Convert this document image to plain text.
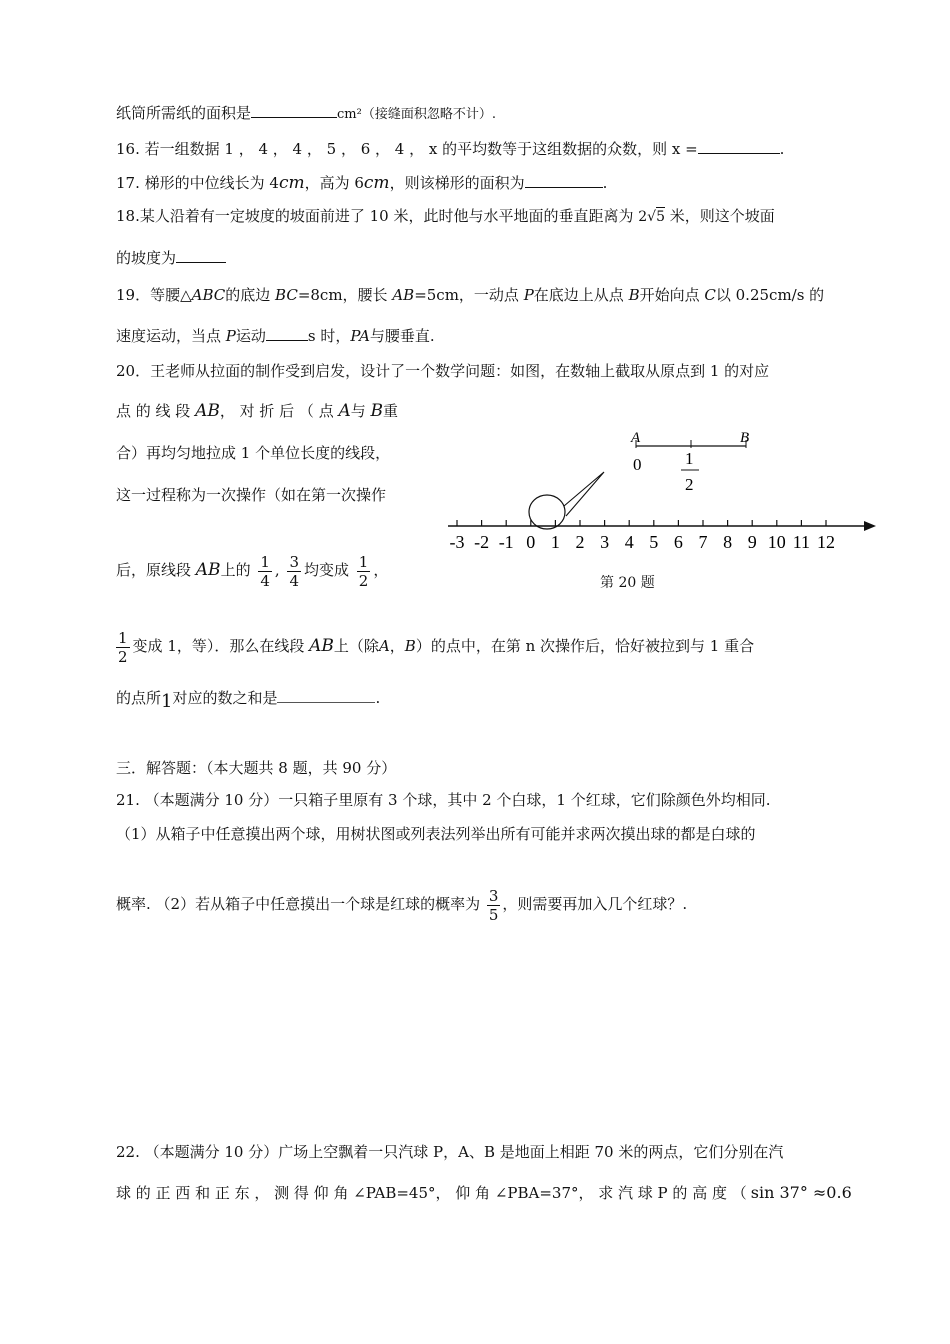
纸筒所需纸的面积是	cm²（接缝面积忽略不计）.
16. 若一组数据 1 ， 4 ， 4 ， 5 ， 6 ， 4 ， x 的平均数等于这组数据的众数，则 x =	.
17. 梯形的中位线长为 4cm，高为 6cm，则该梯形的面积为	.
18.某人沿着有一定坡度的坡面前进了 10 米，此时他与水平地面的垂直距离为 2√5 米，则这个坡面
的坡度为
19．等腰△ABC的底边 BC=8cm，腰长 AB=5cm，一动点 P在底边上从点 B开始向点 C以 0.25cm/s 的
速度运动，当点 P运动	s 时，PA与腰垂直.
20．王老师从拉面的制作受到启发，设计了一个数学问题：如图，在数轴上截取从原点到 1 的对应
点 的 线 段 AB， 对 折 后 （ 点 A与 B重
合）再均匀地拉成 1 个单位长度的线段，
这一过程称为一次操作（如在第一次操作
后，原线段 AB上的 $\frac{1}{4}$ , $\frac{3}{4}$ 均变成 $\frac{1}{2}$ ，
$\frac{1}{2}$ 变成 1，等）．那么在线段 AB上（除A，B）的点中，在第 n 次操作后，恰好被拉到与 1 重合
的点所1对应的数之和是	.
A	B
0	1
2
-3 -2 -1 0 1 2 3 4 5 6 7 8 9 10 11 12
第 20 题
三．解答题：（本大题共 8 题，共 90 分）
21. （本题满分 10 分）一只箱子里原有 3 个球，其中 2 个白球，1 个红球，它们除颜色外均相同.
（1）从箱子中任意摸出两个球，用树状图或列表法列举出所有可能并求两次摸出球的都是白球的
概率. （2）若从箱子中任意摸出一个球是红球的概率为 $\frac{3}{5}$ ，则需要再加入几个红球？.
22. （本题满分 10 分）广场上空飘着一只汽球 P，A、B 是地面上相距 70 米的两点，它们分别在汽
球 的 正 西 和 正 东 ， 测 得 仰 角 ∠PAB=45°， 仰 角 ∠PBA=37°， 求 汽 球 P 的 高 度 （ sin 37° ≈0.6
